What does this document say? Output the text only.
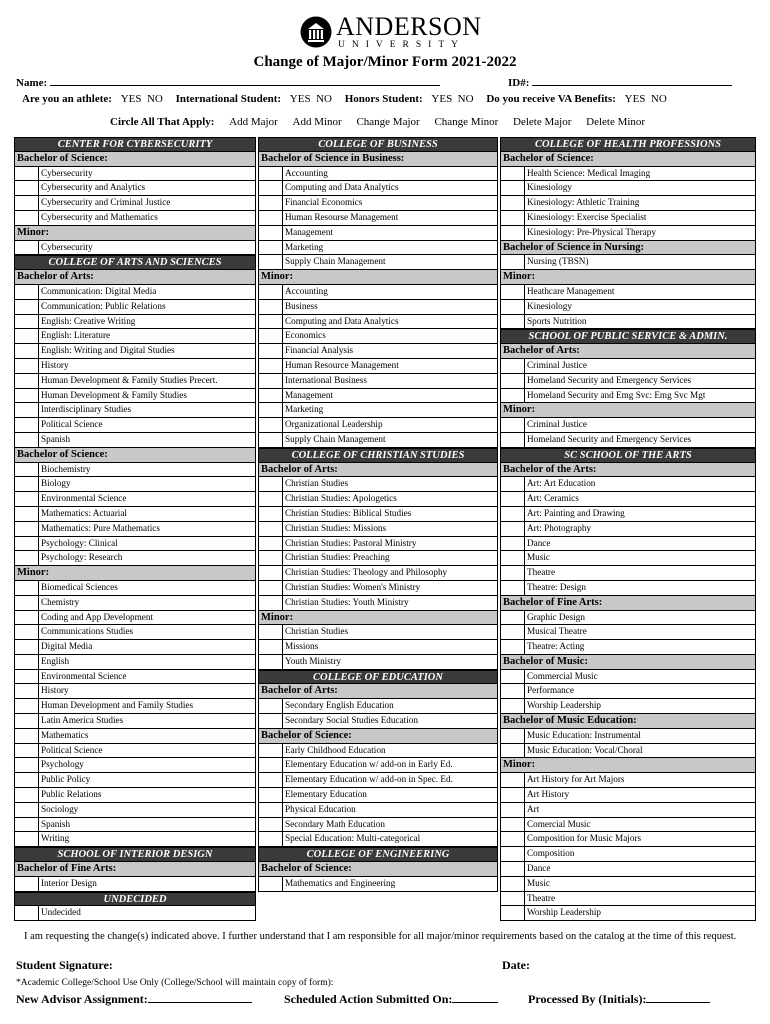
ANDERSON
UNIVERSITY
Change of Major/Minor Form 2021-2022
Name:	ID#:
Are you an athlete: YES  NO International Student: YES  NO Honors Student: YES  NO Do you receive VA Benefits: YES  NO
Circle All That Apply: Add Major Add Minor Change Major Change Minor Delete Major Delete Minor
CENTER FOR CYBERSECURITY
Bachelor of Science:
Cybersecurity
Cybersecurity and Analytics
Cybersecurity and Criminal Justice
Cybersecurity and Mathematics
Minor:
Cybersecurity
COLLEGE OF ARTS AND SCIENCES
Bachelor of Arts:
Communication: Digital Media
Communication: Public Relations
English: Creative Writing
English: Literature
English: Writing and Digital Studies
History
Human Development & Family Studies Precert.
Human Development & Family Studies
Interdisciplinary Studies
Political Science
Spanish
Bachelor of Science:
Biochemistry
Biology
Environmental Science
Mathematics: Actuarial
Mathematics: Pure Mathematics
Psychology: Clinical
Psychology: Research
Minor:
Biomedical Sciences
Chemistry
Coding and App Development
Communications Studies
Digital Media
English
Environmental Science
History
Human Development and Family Studies
Latin America Studies
Mathematics
Political Science
Psychology
Public Policy
Public Relations
Sociology
Spanish
Writing
SCHOOL OF INTERIOR DESIGN
Bachelor of Fine Arts:
Interior Design
UNDECIDED
Undecided
COLLEGE OF BUSINESS
Bachelor of Science in Business:
Accounting
Computing and Data Analytics
Financial Economics
Human Resourse Management
Management
Marketing
Supply Chain Management
Minor:
Accounting
Business
Computing and Data Analytics
Economics
Financial Analysis
Human Resource Management
International Business
Management
Marketing
Organizational Leadership
Supply Chain Management
COLLEGE OF CHRISTIAN STUDIES
Bachelor of Arts:
Christian Studies
Christian Studies: Apologetics
Christian Studies: Biblical Studies
Christian Studies: Missions
Christian Studies: Pastoral Ministry
Christian Studies: Preaching
Christian Studies: Theology and Philosophy
Christian Studies: Women's Ministry
Christian Studies: Youth Ministry
Minor:
Christian Studies
Missions
Youth Ministry
COLLEGE OF EDUCATION
Bachelor of Arts:
Secondary English Education
Secondary Social Studies Education
Bachelor of Science:
Early Childhood Education
Elementary Education w/ add-on in Early Ed.
Elementary Education w/ add-on in Spec. Ed.
Elementary Education
Physical Education
Secondary Math Education
Special Education: Multi-categorical
COLLEGE OF ENGINEERING
Bachelor of Science:
Mathematics and Engineering
COLLEGE OF HEALTH PROFESSIONS
Bachelor of Science:
Health Science: Medical Imaging
Kinesiology
Kinesiology: Athletic Training
Kinesiology: Exercise Specialist
Kinesiology: Pre-Physical Therapy
Bachelor of Science in Nursing:
Nursing (TBSN)
Minor:
Heathcare Management
Kinesiology
Sports Nutrition
SCHOOL OF PUBLIC SERVICE & ADMIN.
Bachelor of Arts:
Criminal Justice
Homeland Security and Emergency Services
Homeland Security and Emg Svc: Emg Svc Mgt
Minor:
Criminal Justice
Homeland Security and Emergency Services
SC SCHOOL OF THE ARTS
Bachelor of the Arts:
Art: Art Education
Art: Ceramics
Art: Painting and Drawing
Art: Photography
Dance
Music
Theatre
Theatre: Design
Bachelor of Fine Arts:
Graphic Design
Musical Theatre
Theatre: Acting
Bachelor of Music:
Commercial Music
Performance
Worship Leadership
Bachelor of Music Education:
Music Education: Instrumental
Music Education: Vocal/Choral
Minor:
Art History for Art Majors
Art History
Art
Comercial Music
Composition for Music Majors
Composition
Dance
Music
Theatre
Worship Leadership
I am requesting the change(s) indicated above. I further understand that I am responsible for all major/minor requirements based on the catalog at the time of this request.
Student Signature:	Date:
*Academic College/School Use Only (College/School will maintain copy of form):
New Advisor Assignment:	Scheduled Action Submitted On:	Processed By (Initials):
